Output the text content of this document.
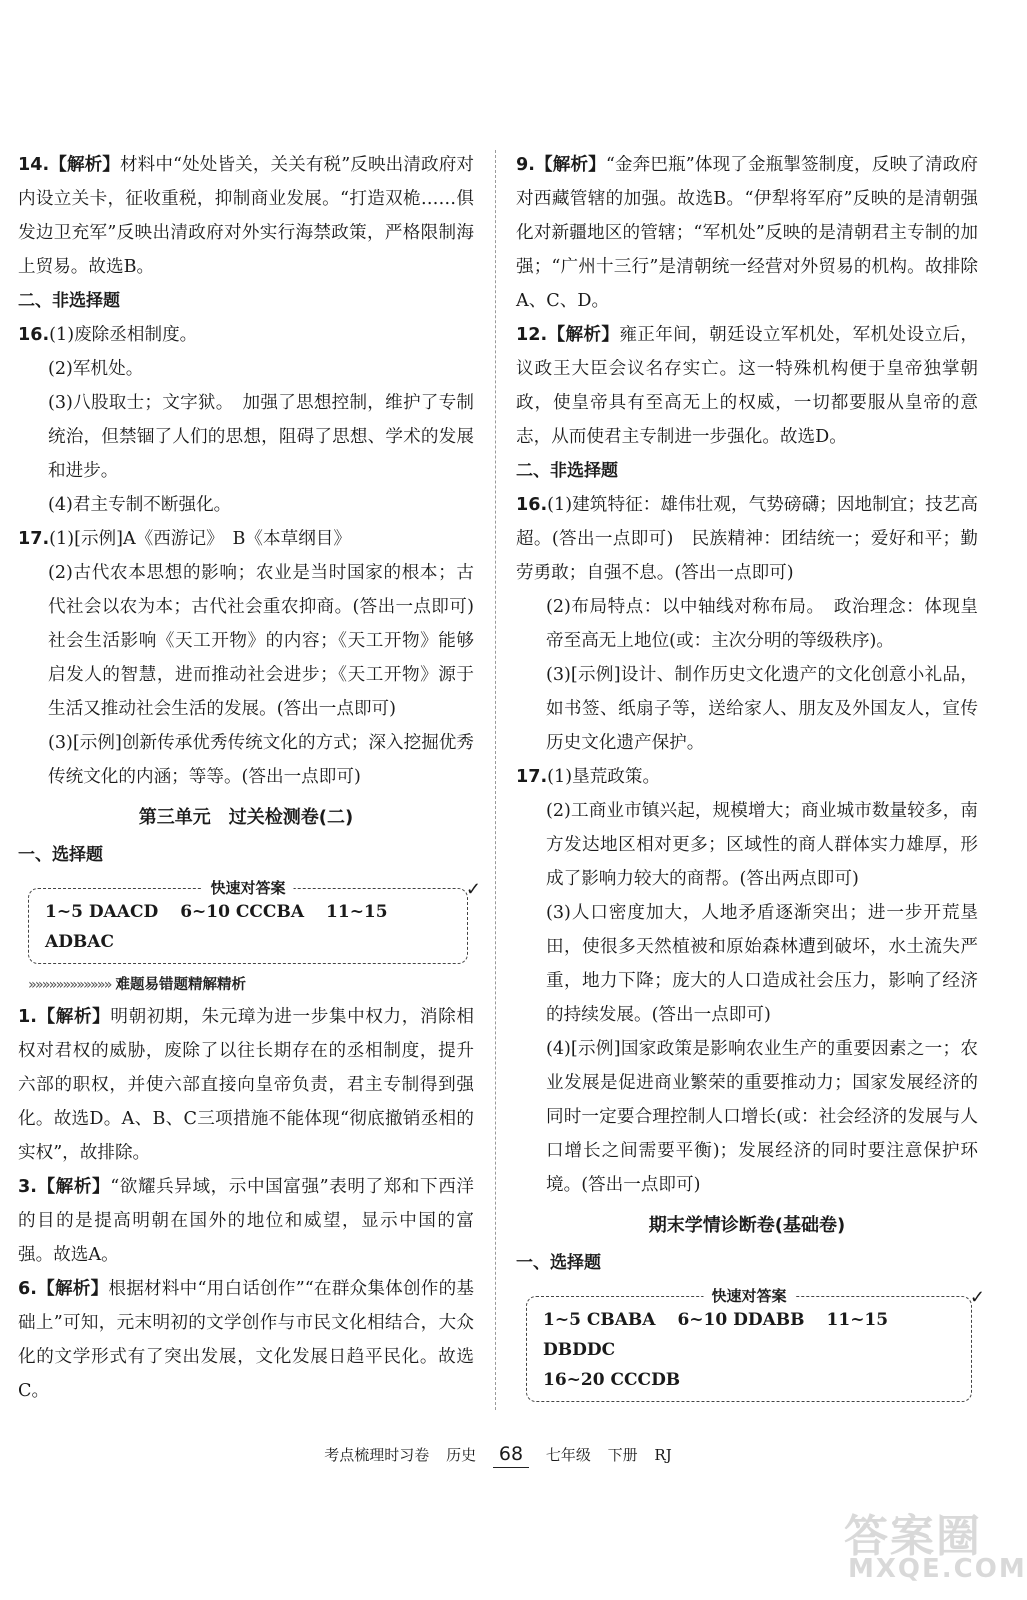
14.【解析】材料中“处处皆关，关关有税”反映出清政府对内设立关卡，征收重税，抑制商业发展。“打造双桅……俱发边卫充军”反映出清政府对外实行海禁政策，严格限制海上贸易。故选B。

二、非选择题

16.(1)废除丞相制度。

(2)军机处。

(3)八股取士；文字狱。　加强了思想控制，维护了专制统治，但禁锢了人们的思想，阻碍了思想、学术的发展和进步。

(4)君主专制不断强化。

17.(1)[示例]A《西游记》　B《本草纲目》

(2)古代农本思想的影响；农业是当时国家的根本；古代社会以农为本；古代社会重农抑商。(答出一点即可)　社会生活影响《天工开物》的内容；《天工开物》能够启发人的智慧，进而推动社会进步；《天工开物》源于生活又推动社会生活的发展。(答出一点即可)

(3)[示例]创新传承优秀传统文化的方式；深入挖掘优秀传统文化的内涵；等等。(答出一点即可)

第三单元　过关检测卷(二)

一、选择题

快速对答案	✓
1~5 DAACD 6~10 CCCBA 11~15 ADBAC

»»»»»»»»»»»» 难题易错题精解精析

1.【解析】明朝初期，朱元璋为进一步集中权力，消除相权对君权的威胁，废除了以往长期存在的丞相制度，提升六部的职权，并使六部直接向皇帝负责，君主专制得到强化。故选D。A、B、C三项措施不能体现“彻底撤销丞相的实权”，故排除。

3.【解析】“欲耀兵异域，示中国富强”表明了郑和下西洋的目的是提高明朝在国外的地位和威望，显示中国的富强。故选A。

6.【解析】根据材料中“用白话创作”“在群众集体创作的基础上”可知，元末明初的文学创作与市民文化相结合，大众化的文学形式有了突出发展，文化发展日趋平民化。故选C。

9.【解析】“金奔巴瓶”体现了金瓶掣签制度，反映了清政府对西藏管辖的加强。故选B。“伊犁将军府”反映的是清朝强化对新疆地区的管辖；“军机处”反映的是清朝君主专制的加强；“广州十三行”是清朝统一经营对外贸易的机构。故排除A、C、D。

12.【解析】雍正年间，朝廷设立军机处，军机处设立后，议政王大臣会议名存实亡。这一特殊机构便于皇帝独掌朝政，使皇帝具有至高无上的权威，一切都要服从皇帝的意志，从而使君主专制进一步强化。故选D。

二、非选择题

16.(1)建筑特征：雄伟壮观，气势磅礴；因地制宜；技艺高超。(答出一点即可)　民族精神：团结统一；爱好和平；勤劳勇敢；自强不息。(答出一点即可)

(2)布局特点：以中轴线对称布局。　政治理念：体现皇帝至高无上地位(或：主次分明的等级秩序)。

(3)[示例]设计、制作历史文化遗产的文化创意小礼品，如书签、纸扇子等，送给家人、朋友及外国友人，宣传历史文化遗产保护。

17.(1)垦荒政策。

(2)工商业市镇兴起，规模增大；商业城市数量较多，南方发达地区相对更多；区域性的商人群体实力雄厚，形成了影响力较大的商帮。(答出两点即可)

(3)人口密度加大，人地矛盾逐渐突出；进一步开荒垦田，使很多天然植被和原始森林遭到破坏，水土流失严重，地力下降；庞大的人口造成社会压力，影响了经济的持续发展。(答出一点即可)

(4)[示例]国家政策是影响农业生产的重要因素之一；农业发展是促进商业繁荣的重要推动力；国家发展经济的同时一定要合理控制人口增长(或：社会经济的发展与人口增长之间需要平衡)；发展经济的同时要注意保护环境。(答出一点即可)

期末学情诊断卷(基础卷)

一、选择题

快速对答案	✓
1~5 CBABA 6~10 DDABB 11~15 DBDDC
16~20 CCCDB
考点梳理时习卷 历史 68 七年级 下册 RJ
答案圈
MXQE.COM
